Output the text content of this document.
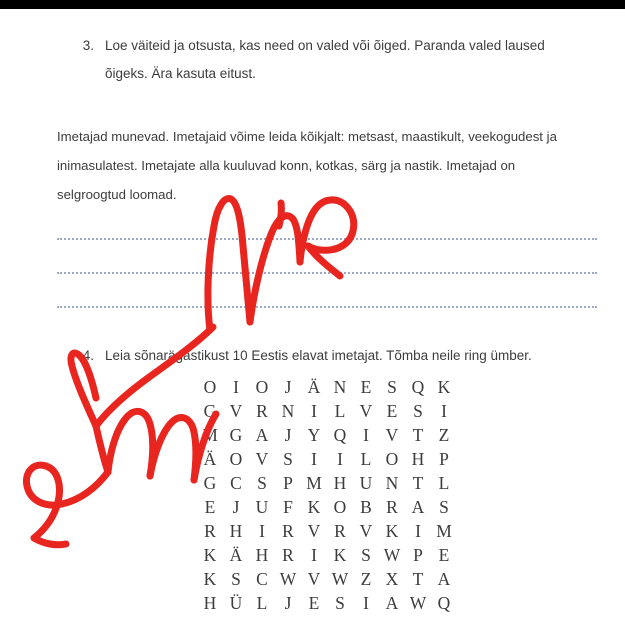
3. Loe väiteid ja otsusta, kas need on valed või õiged. Paranda valed laused
õigeks. Ära kasuta eitust.
Imetajad munevad. Imetajaid võime leida kõikjalt: metsast, maastikult, veekogudest ja
inimasulatest. Imetajate alla kuuluvad konn, kotkas, särg ja nastik. Imetajad on
selgroogtud loomad.
4. Leia sõnarägastikust 10 Eestis elavat imetajat. Tõmba neile ring ümber.
O I O J Ä N E S Q K
G V R N I	L V E S	I
M G A J Y Q I V T Z
Ä O V S	I	I	L O H P
G C S P M H U N T L
E J U F K O B R A S
R H I R V R V K I M
K Ä H R I K S W P E
K S C W V W Z X T A
H Ü L J E S	I A W Q
